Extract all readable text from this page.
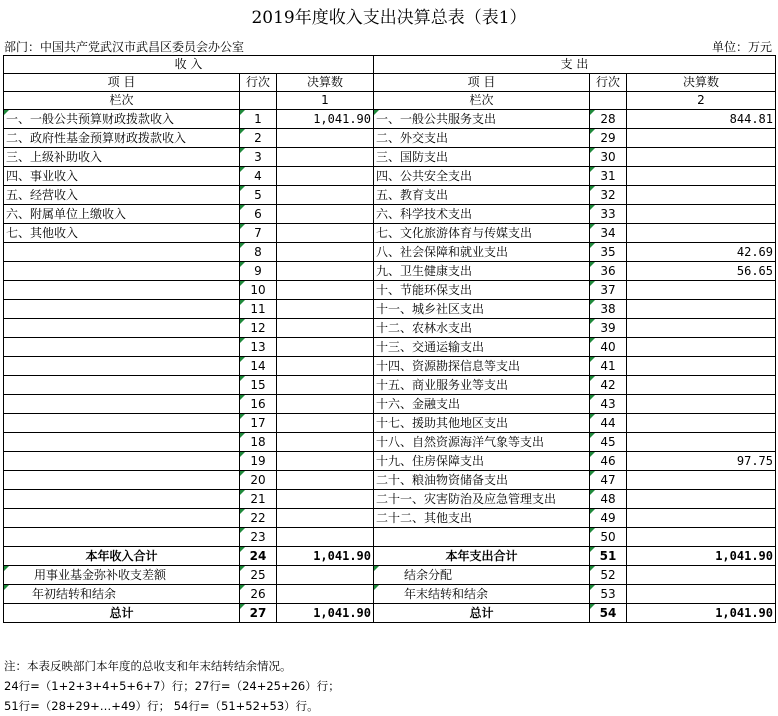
2019年度收入支出决算总表（表1）
部门：中国共产党武汉市武昌区委员会办公室	单位：万元
收 入			支 出		
项 目	行次	决算数	项 目	行次	决算数
栏次		1	栏次		2
一、一般公共预算财政拨款收入	1	1,041.90	一、一般公共服务支出	28	844.81
二、政府性基金预算财政拨款收入	2		二、外交支出	29	
三、上级补助收入	3		三、国防支出	30	
四、事业收入	4		四、公共安全支出	31	
五、经营收入	5		五、教育支出	32	
六、附属单位上缴收入	6		六、科学技术支出	33	
七、其他收入	7		七、文化旅游体育与传媒支出	34	
	8		八、社会保障和就业支出	35	42.69
	9		九、卫生健康支出	36	56.65
	10		十、节能环保支出	37	
	11		十一、城乡社区支出	38	
	12		十二、农林水支出	39	
	13		十三、交通运输支出	40	
	14		十四、资源勘探信息等支出	41	
	15		十五、商业服务业等支出	42	
	16		十六、金融支出	43	
	17		十七、援助其他地区支出	44	
	18		十八、自然资源海洋气象等支出	45	
	19		十九、住房保障支出	46	97.75
	20		二十、粮油物资储备支出	47	
	21		二十一、灾害防治及应急管理支出	48	
	22		二十二、其他支出	49	
	23			50	
本年收入合计	24	1,041.90	本年支出合计	51	1,041.90
用事业基金弥补收支差额	25		结余分配	52	
年初结转和结余	26		年末结转和结余	53	
总计	27	1,041.90	总计	54	1,041.90
注：本表反映部门本年度的总收支和年末结转结余情况。
24行=（1+2+3+4+5+6+7）行；27行=（24+25+26）行；
51行=（28+29+…+49）行； 54行=（51+52+53）行。
